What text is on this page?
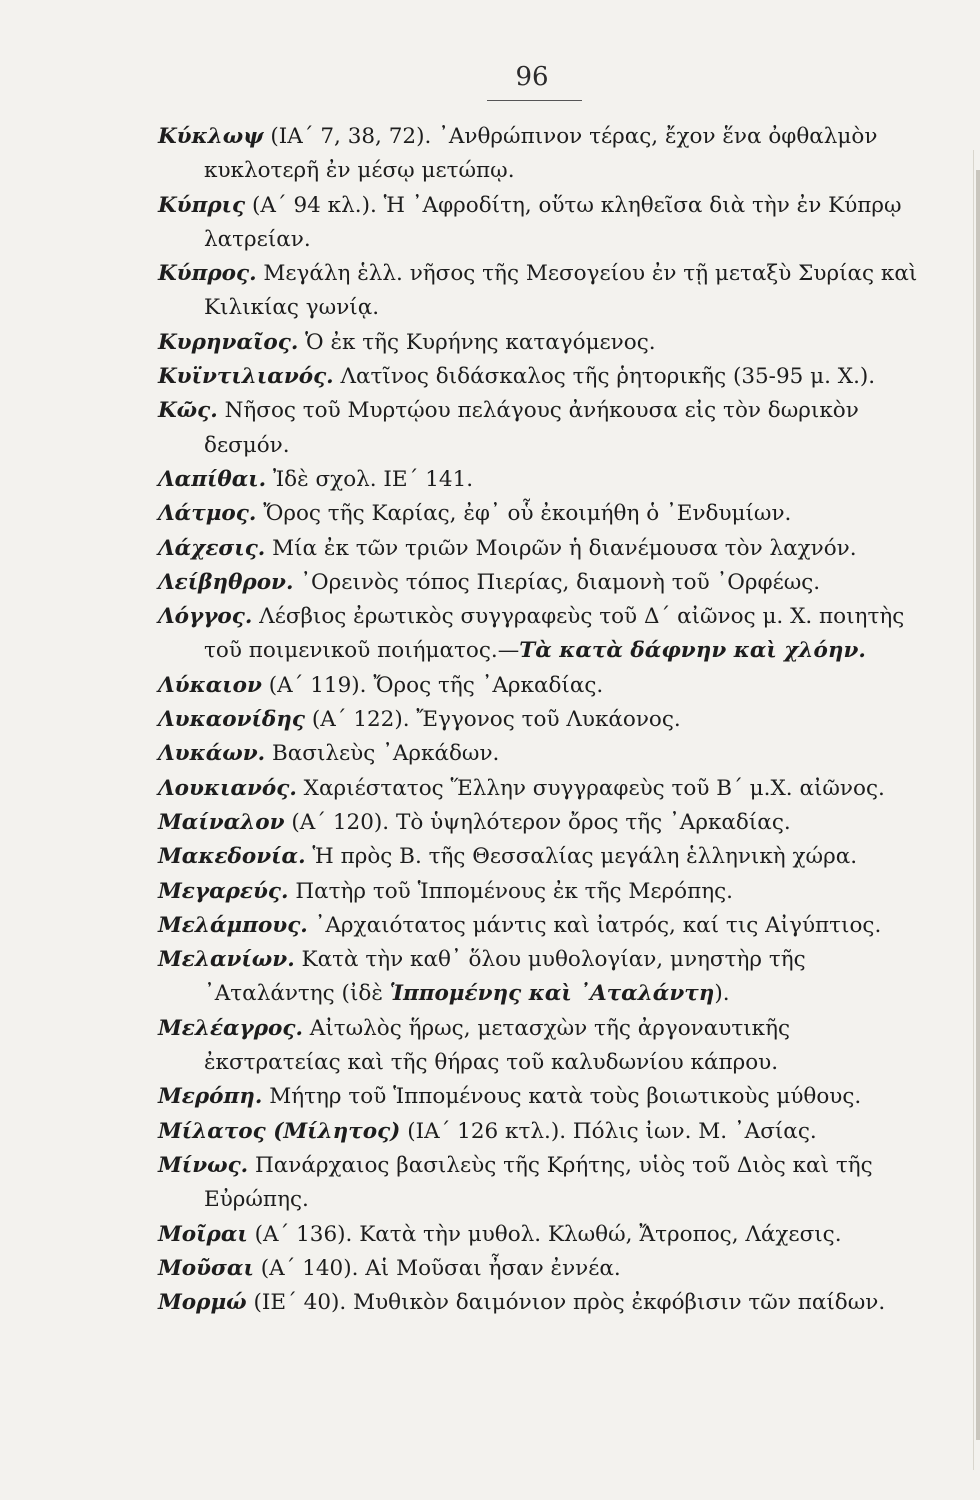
96

Κύκλωψ (ΙΑ΄ 7, 38, 72). ᾿Ανθρώπινον τέρας, ἔχον ἕνα ὀφθαλμὸν κυκλοτερῆ ἐν μέσῳ μετώπῳ.

Κύπρις (Α΄ 94 κλ.). Ἡ ᾿Αφροδίτη, οὕτω κληθεῖσα διὰ τὴν ἐν Κύπρῳ λατρείαν.

Κύπρος. Μεγάλη ἑλλ. νῆσος τῆς Μεσογείου ἐν τῇ μεταξὺ Συρίας καὶ Κιλικίας γωνίᾳ.

Κυρηναῖος. Ὁ ἐκ τῆς Κυρήνης καταγόμενος.

Κυϊντιλιανός. Λατῖνος διδάσκαλος τῆς ῥητορικῆς (35-95 μ. Χ.).

Κῶς. Νῆσος τοῦ Μυρτῴου πελάγους ἀνήκουσα εἰς τὸν δωρικὸν δεσμόν.

Λαπίθαι. Ἰδὲ σχολ. ΙΕ΄ 141.

Λάτμος. Ὄρος τῆς Καρίας, ἐφ᾿ οὗ ἐκοιμήθη ὁ ᾿Ενδυμίων.

Λάχεσις. Μία ἐκ τῶν τριῶν Μοιρῶν ἡ διανέμουσα τὸν λαχνόν.

Λείβηθρον. ᾿Ορεινὸς τόπος Πιερίας, διαμονὴ τοῦ ᾿Ορφέως.

Λόγγος. Λέσβιος ἐρωτικὸς συγγραφεὺς τοῦ Δ΄ αἰῶνος μ. Χ. ποιητὴς τοῦ ποιμενικοῦ ποιήματος.—Τὰ κατὰ δάφνην καὶ χλόην.

Λύκαιον (Α΄ 119). Ὄρος τῆς ᾿Αρκαδίας.

Λυκαονίδης (Α΄ 122). Ἔγγονος τοῦ Λυκάονος.

Λυκάων. Βασιλεὺς ᾿Αρκάδων.

Λουκιανός. Χαριέστατος Ἕλλην συγγραφεὺς τοῦ Β΄ μ.Χ. αἰῶνος.

Μαίναλον (Α΄ 120). Τὸ ὑψηλότερον ὄρος τῆς ᾿Αρκαδίας.

Μακεδονία. Ἡ πρὸς Β. τῆς Θεσσαλίας μεγάλη ἑλληνικὴ χώρα.

Μεγαρεύς. Πατὴρ τοῦ Ἱππομένους ἐκ τῆς Μερόπης.

Μελάμπους. ᾿Αρχαιότατος μάντις καὶ ἰατρός, καί τις Αἰγύπτιος.

Μελανίων. Κατὰ τὴν καθ᾿ ὅλου μυθολογίαν, μνηστὴρ τῆς ᾿Αταλάντης (ἰδὲ Ἱππομένης καὶ ᾿Αταλάντη).

Μελέαγρος. Αἰτωλὸς ἥρως, μετασχὼν τῆς ἀργοναυτικῆς ἐκστρατείας καὶ τῆς θήρας τοῦ καλυδωνίου κάπρου.

Μερόπη. Μήτηρ τοῦ Ἱππομένους κατὰ τοὺς βοιωτικοὺς μύθους.

Μίλατος (Μίλητος) (ΙΑ΄ 126 κτλ.). Πόλις ἰων. Μ. ᾿Ασίας.

Μίνως. Πανάρχαιος βασιλεὺς τῆς Κρήτης, υἱὸς τοῦ Διὸς καὶ τῆς Εὐρώπης.

Μοῖραι (Α΄ 136). Κατὰ τὴν μυθολ. Κλωθώ, Ἄτροπος, Λάχεσις.

Μοῦσαι (Α΄ 140). Αἱ Μοῦσαι ἦσαν ἐννέα.

Μορμώ (ΙΕ΄ 40). Μυθικὸν δαιμόνιον πρὸς ἐκφόβισιν τῶν παίδων.
